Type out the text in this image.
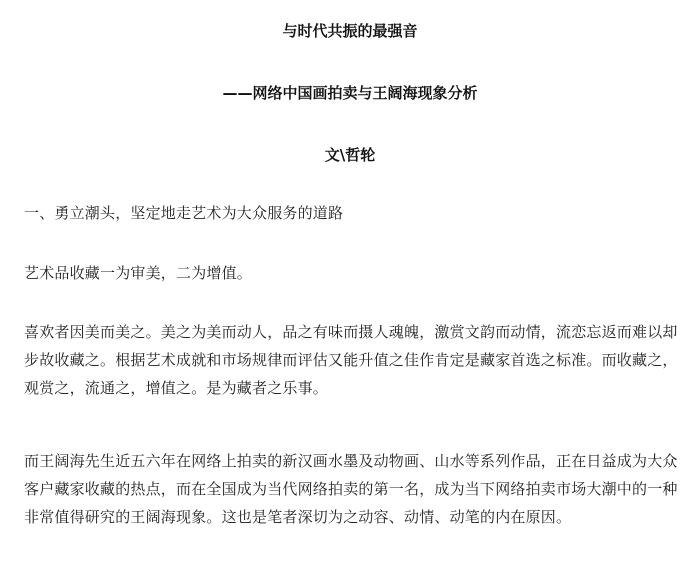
与时代共振的最强音
——网络中国画拍卖与王阔海现象分析
文\哲轮

一、勇立潮头，坚定地走艺术为大众服务的道路

艺术品收藏一为审美，二为增值。

喜欢者因美而美之。美之为美而动人，品之有味而摄人魂魄，激赏文韵而动情，流恋忘返而难以却步故收藏之。根据艺术成就和市场规律而评估又能升值之佳作肯定是藏家首选之标准。而收藏之，观赏之，流通之，增值之。是为藏者之乐事。

而王阔海先生近五六年在网络上拍卖的新汉画水墨及动物画、山水等系列作品，正在日益成为大众客户藏家收藏的热点，而在全国成为当代网络拍卖的第一名，成为当下网络拍卖市场大潮中的一种非常值得研究的王阔海现象。这也是笔者深切为之动容、动情、动笔的内在原因。
